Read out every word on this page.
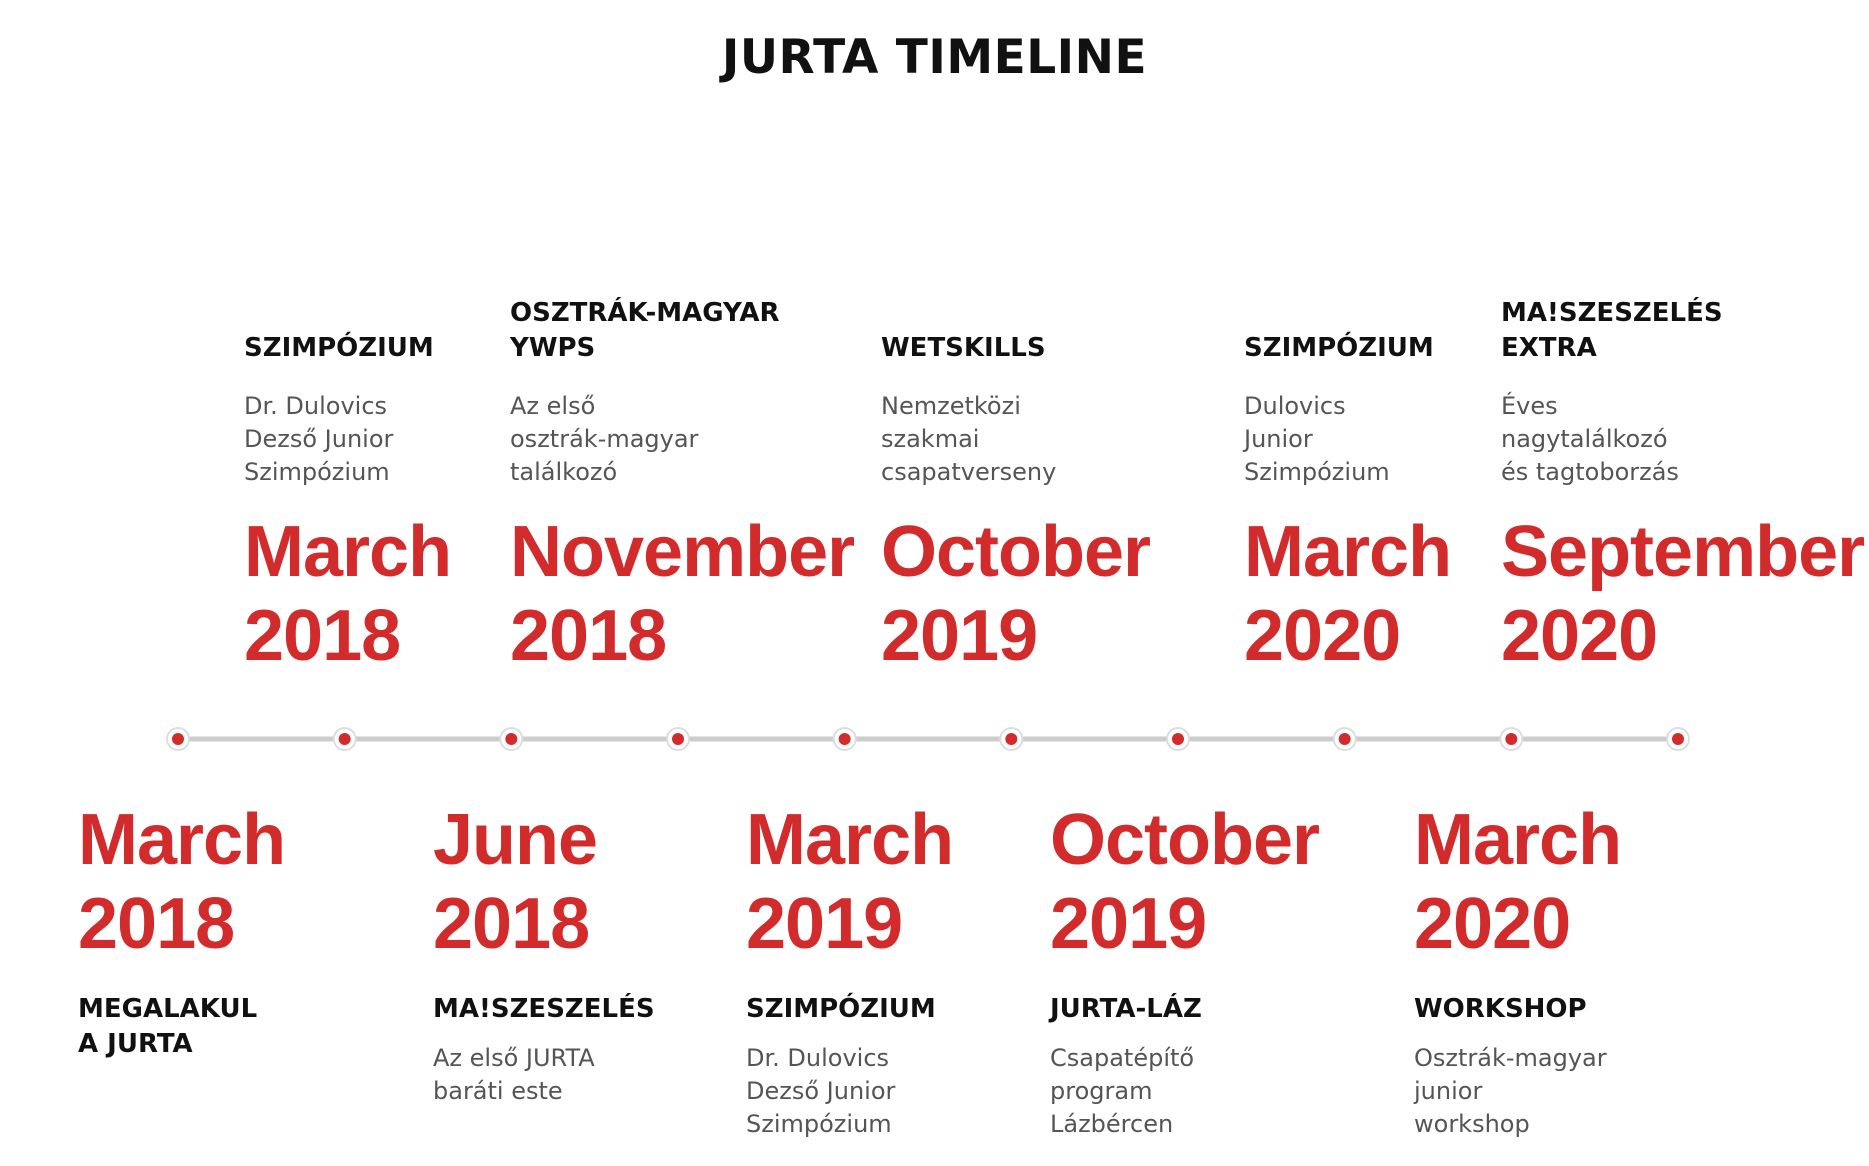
JURTA TIMELINE
SZIMPÓZIUM
Dr. Dulovics
Dezső Junior
Szimpózium
March
2018
OSZTRÁK-MAGYAR
YWPS
Az első
osztrák-magyar
találkozó
November
2018
WETSKILLS
Nemzetközi
szakmai
csapatverseny
October
2019
SZIMPÓZIUM
Dulovics
Junior
Szimpózium
March
2020
MA!SZESZELÉS
EXTRA
Éves
nagytalálkozó
és tagtoborzás
September
2020
March
2018
MEGALAKUL
A JURTA
June
2018
MA!SZESZELÉS
Az első JURTA
baráti este
March
2019
SZIMPÓZIUM
Dr. Dulovics
Dezső Junior
Szimpózium
October
2019
JURTA-LÁZ
Csapatépítő
program
Lázbércen
March
2020
WORKSHOP
Osztrák-magyar
junior
workshop
